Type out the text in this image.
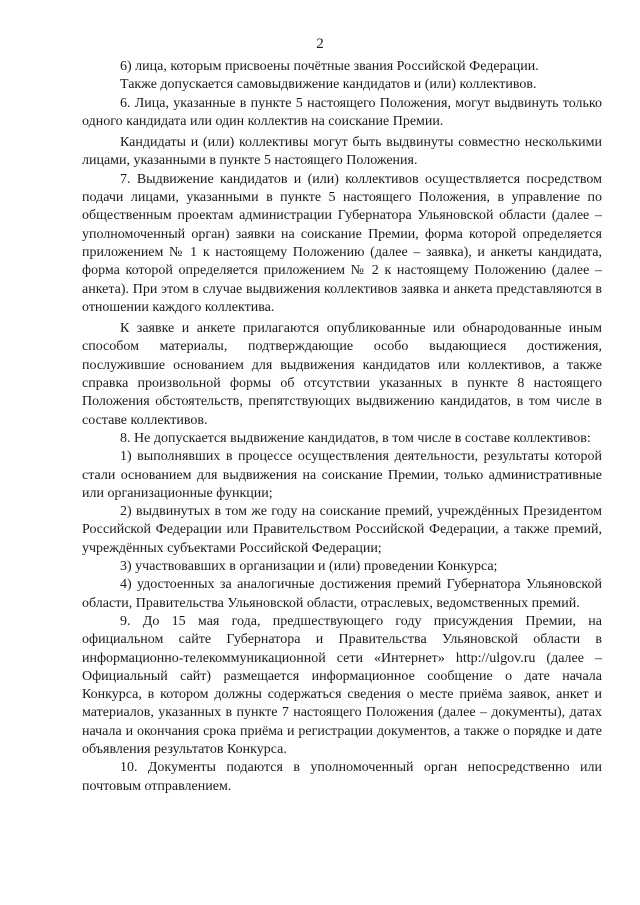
2

6) лица, которым присвоены почётные звания Российской Федерации.

Также допускается самовыдвижение кандидатов и (или) коллективов.

6. Лица, указанные в пункте 5 настоящего Положения, могут выдвинуть только одного кандидата или один коллектив на соискание Премии.

Кандидаты и (или) коллективы могут быть выдвинуты совместно несколькими лицами, указанными в пункте 5 настоящего Положения.

7. Выдвижение кандидатов и (или) коллективов осуществляется посредством подачи лицами, указанными в пункте 5 настоящего Положения, в управление по общественным проектам администрации Губернатора Ульяновской области (далее – уполномоченный орган) заявки на соискание Премии, форма которой определяется приложением № 1 к настоящему Положению (далее – заявка), и анкеты кандидата, форма которой определяется приложением № 2 к настоящему Положению (далее – анкета). При этом в случае выдвижения коллективов заявка и анкета представляются в отношении каждого коллектива.

К заявке и анкете прилагаются опубликованные или обнародованные иным способом материалы, подтверждающие особо выдающиеся достижения, послужившие основанием для выдвижения кандидатов или коллективов, а также справка произвольной формы об отсутствии указанных в пункте 8 настоящего Положения обстоятельств, препятствующих выдвижению кандидатов, в том числе в составе коллективов.

8. Не допускается выдвижение кандидатов, в том числе в составе коллективов:

1) выполнявших в процессе осуществления деятельности, результаты которой стали основанием для выдвижения на соискание Премии, только административные или организационные функции;

2) выдвинутых в том же году на соискание премий, учреждённых Президентом Российской Федерации или Правительством Российской Федерации, а также премий, учреждённых субъектами Российской Федерации;

3) участвовавших в организации и (или) проведении Конкурса;

4) удостоенных за аналогичные достижения премий Губернатора Ульяновской области, Правительства Ульяновской области, отраслевых, ведомственных премий.

9. До 15 мая года, предшествующего году присуждения Премии, на официальном сайте Губернатора и Правительства Ульяновской области в информационно-телекоммуникационной сети «Интернет» http://ulgov.ru (далее – Официальный сайт) размещается информационное сообщение о дате начала Конкурса, в котором должны содержаться сведения о месте приёма заявок, анкет и материалов, указанных в пункте 7 настоящего Положения (далее – документы), датах начала и окончания срока приёма и регистрации документов, а также о порядке и дате объявления результатов Конкурса.

10. Документы подаются в уполномоченный орган непосредственно или почтовым отправлением.
